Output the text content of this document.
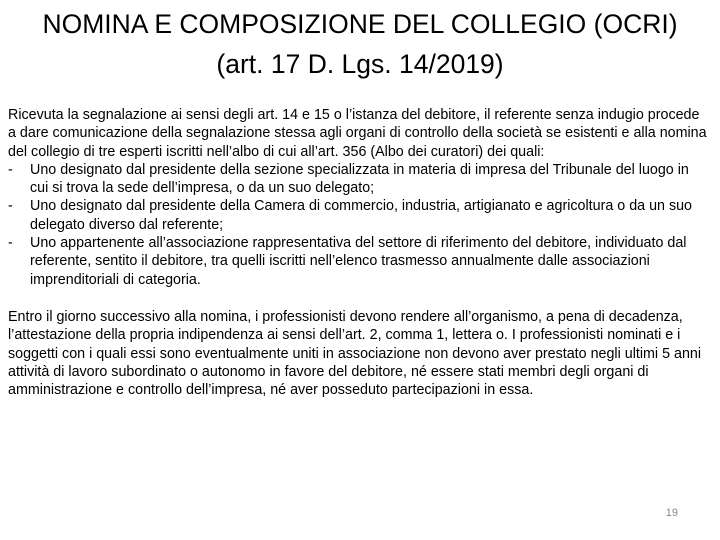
NOMINA E COMPOSIZIONE DEL COLLEGIO (OCRI)
(art. 17 D. Lgs. 14/2019)

Ricevuta la segnalazione ai sensi degli art. 14 e 15 o l’istanza del debitore, il referente senza indugio procede a dare comunicazione della segnalazione stessa agli organi di controllo della società se esistenti e alla nomina del collegio di tre esperti iscritti nell’albo di cui all’art. 356 (Albo dei curatori) dei quali:

- Uno designato dal presidente della sezione specializzata in materia di impresa del Tribunale del luogo in cui si trova la sede dell’impresa, o da un suo delegato;
- Uno designato dal presidente della Camera di commercio, industria, artigianato e agricoltura o da un suo delegato diverso dal referente;
- Uno appartenente all’associazione rappresentativa del settore di riferimento del debitore, individuato dal referente, sentito il debitore, tra quelli iscritti nell’elenco trasmesso annualmente dalle associazioni imprenditoriali di categoria.

Entro il giorno successivo alla nomina, i professionisti devono rendere all’organismo, a pena di decadenza, l’attestazione della propria indipendenza ai sensi dell’art. 2, comma 1, lettera o. I professionisti nominati e i soggetti con i quali essi sono eventualmente uniti in associazione non devono aver prestato negli ultimi 5 anni attività di lavoro subordinato o autonomo in favore del debitore, né essere stati membri degli organi di amministrazione e controllo dell’impresa, né aver posseduto partecipazioni in essa.

19
